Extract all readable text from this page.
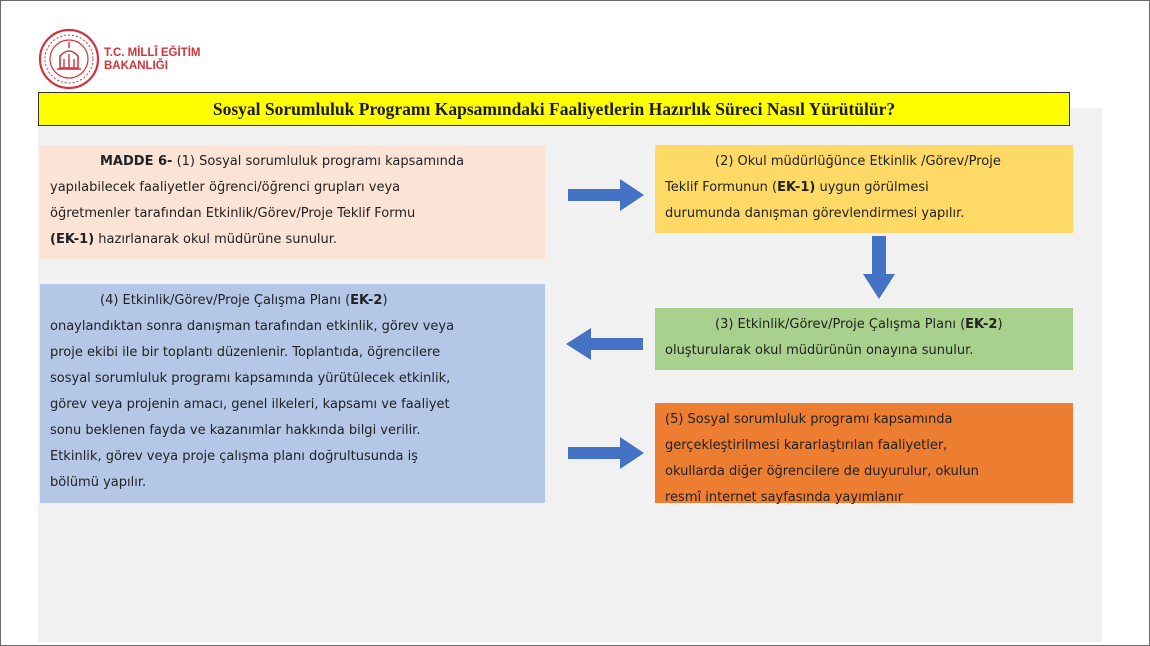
T.C. MİLLÎ EĞİTİM
BAKANLIĞI
Sosyal Sorumluluk Programı Kapsamındaki Faaliyetlerin Hazırlık Süreci Nasıl Yürütülür?
MADDE 6- (1) Sosyal sorumluluk programı kapsamında
yapılabilecek faaliyetler öğrenci/öğrenci grupları veya
öğretmenler tarafından Etkinlik/Görev/Proje Teklif Formu
(EK-1) hazırlanarak okul müdürüne sunulur.
(2) Okul müdürlüğünce Etkinlik /Görev/Proje
Teklif Formunun (EK-1) uygun görülmesi
durumunda danışman görevlendirmesi yapılır.
(3) Etkinlik/Görev/Proje Çalışma Planı (EK-2)
oluşturularak okul müdürünün onayına sunulur.
(4) Etkinlik/Görev/Proje Çalışma Planı (EK-2)
onaylandıktan sonra danışman tarafından etkinlik, görev veya
proje ekibi ile bir toplantı düzenlenir. Toplantıda, öğrencilere
sosyal sorumluluk programı kapsamında yürütülecek etkinlik,
görev veya projenin amacı, genel ilkeleri, kapsamı ve faaliyet
sonu beklenen fayda ve kazanımlar hakkında bilgi verilir.
Etkinlik, görev veya proje çalışma planı doğrultusunda iş
bölümü yapılır.
(5) Sosyal sorumluluk programı kapsamında
gerçekleştirilmesi kararlaştırılan faaliyetler,
okullarda diğer öğrencilere de duyurulur, okulun
resmî internet sayfasında yayımlanır
